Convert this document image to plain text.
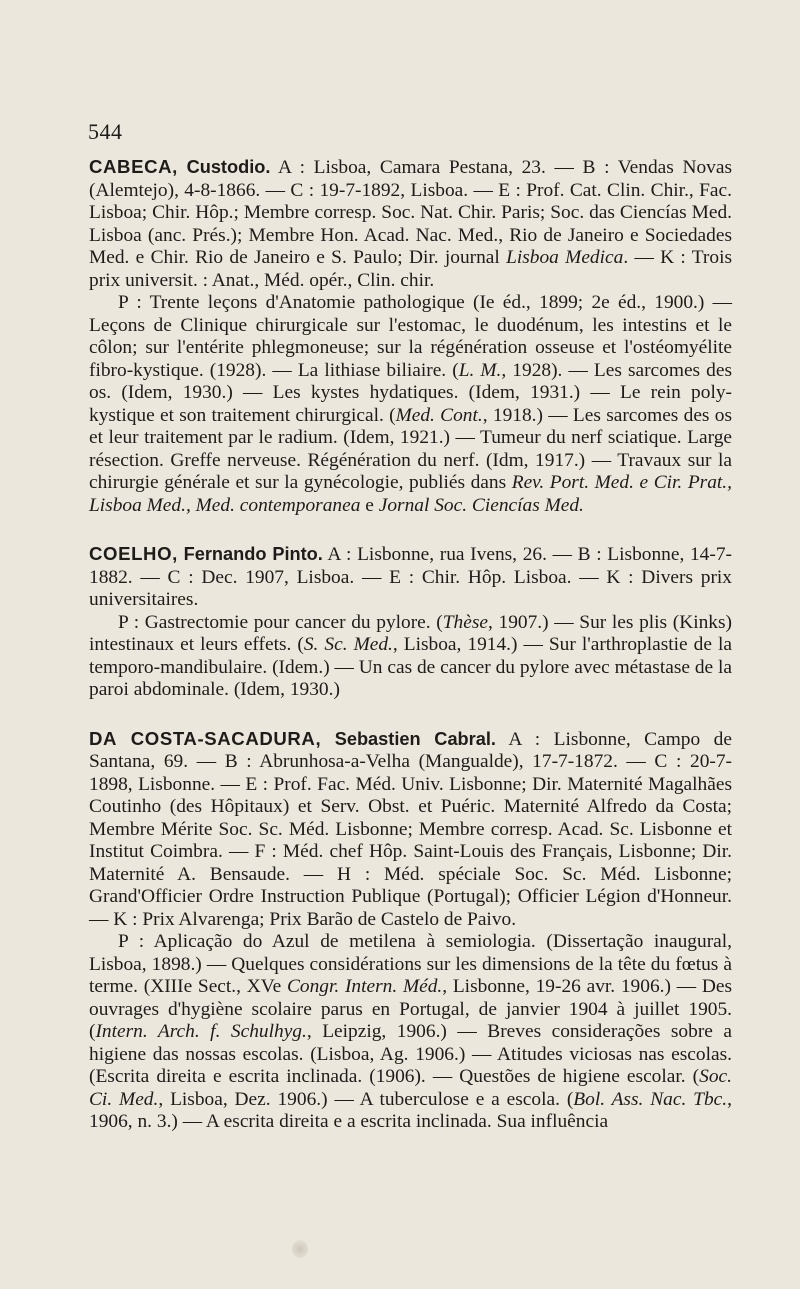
544

CABECA, Custodio. A : Lisboa, Camara Pestana, 23. — B : Vendas Novas (Alemtejo), 4-8-1866. — C : 19-7-1892, Lisboa. — E : Prof. Cat. Clin. Chir., Fac. Lisboa; Chir. Hôp.; Membre corresp. Soc. Nat. Chir. Paris; Soc. das Ciencías Med. Lisboa (anc. Prés.); Membre Hon. Acad. Nac. Med., Rio de Janeiro e Sociedades Med. e Chir. Rio de Janeiro e S. Paulo; Dir. journal Lisboa Medica. — K : Trois prix universit. : Anat., Méd. opér., Clin. chir.

P : Trente leçons d'Anatomie pathologique (Ie éd., 1899; 2e éd., 1900.) — Leçons de Clinique chirurgicale sur l'estomac, le duodénum, les intestins et le côlon; sur l'entérite phlegmoneuse; sur la régénération osseuse et l'ostéomyélite fibro-kystique. (1928). — La lithiase biliaire. (L. M., 1928). — Les sarcomes des os. (Idem, 1930.) — Les kystes hydatiques. (Idem, 1931.) — Le rein poly-kystique et son traitement chirurgical. (Med. Cont., 1918.) — Les sarcomes des os et leur traitement par le radium. (Idem, 1921.) — Tumeur du nerf sciatique. Large résection. Greffe nerveuse. Régénération du nerf. (Idm, 1917.) — Travaux sur la chirurgie générale et sur la gynécologie, publiés dans Rev. Port. Med. e Cir. Prat., Lisboa Med., Med. contemporanea e Jornal Soc. Ciencías Med.

COELHO, Fernando Pinto. A : Lisbonne, rua Ivens, 26. — B : Lisbonne, 14-7-1882. — C : Dec. 1907, Lisboa. — E : Chir. Hôp. Lisboa. — K : Divers prix universitaires.

P : Gastrectomie pour cancer du pylore. (Thèse, 1907.) — Sur les plis (Kinks) intestinaux et leurs effets. (S. Sc. Med., Lisboa, 1914.) — Sur l'arthroplastie de la temporo-mandibulaire. (Idem.) — Un cas de cancer du pylore avec métastase de la paroi abdominale. (Idem, 1930.)

DA COSTA-SACADURA, Sebastien Cabral. A : Lisbonne, Campo de Santana, 69. — B : Abrunhosa-a-Velha (Mangualde), 17-7-1872. — C : 20-7-1898, Lisbonne. — E : Prof. Fac. Méd. Univ. Lisbonne; Dir. Maternité Magalhães Coutinho (des Hôpitaux) et Serv. Obst. et Puéric. Maternité Alfredo da Costa; Membre Mérite Soc. Sc. Méd. Lisbonne; Membre corresp. Acad. Sc. Lisbonne et Institut Coimbra. — F : Méd. chef Hôp. Saint-Louis des Français, Lisbonne; Dir. Maternité A. Bensaude. — H : Méd. spéciale Soc. Sc. Méd. Lisbonne; Grand'Officier Ordre Instruction Publique (Portugal); Officier Légion d'Honneur. — K : Prix Alvarenga; Prix Barão de Castelo de Paivo.

P : Aplicação do Azul de metilena à semiologia. (Dissertação inaugural, Lisboa, 1898.) — Quelques considérations sur les dimensions de la tête du fœtus à terme. (XIIIe Sect., XVe Congr. Intern. Méd., Lisbonne, 19-26 avr. 1906.) — Des ouvrages d'hygiène scolaire parus en Portugal, de janvier 1904 à juillet 1905. (Intern. Arch. f. Schulhyg., Leipzig, 1906.) — Breves considerações sobre a higiene das nossas escolas. (Lisboa, Ag. 1906.) — Atitudes viciosas nas escolas. (Escrita direita e escrita inclinada. (1906). — Questões de higiene escolar. (Soc. Ci. Med., Lisboa, Dez. 1906.) — A tuberculose e a escola. (Bol. Ass. Nac. Tbc., 1906, n. 3.) — A escrita direita e a escrita inclinada. Sua influência
